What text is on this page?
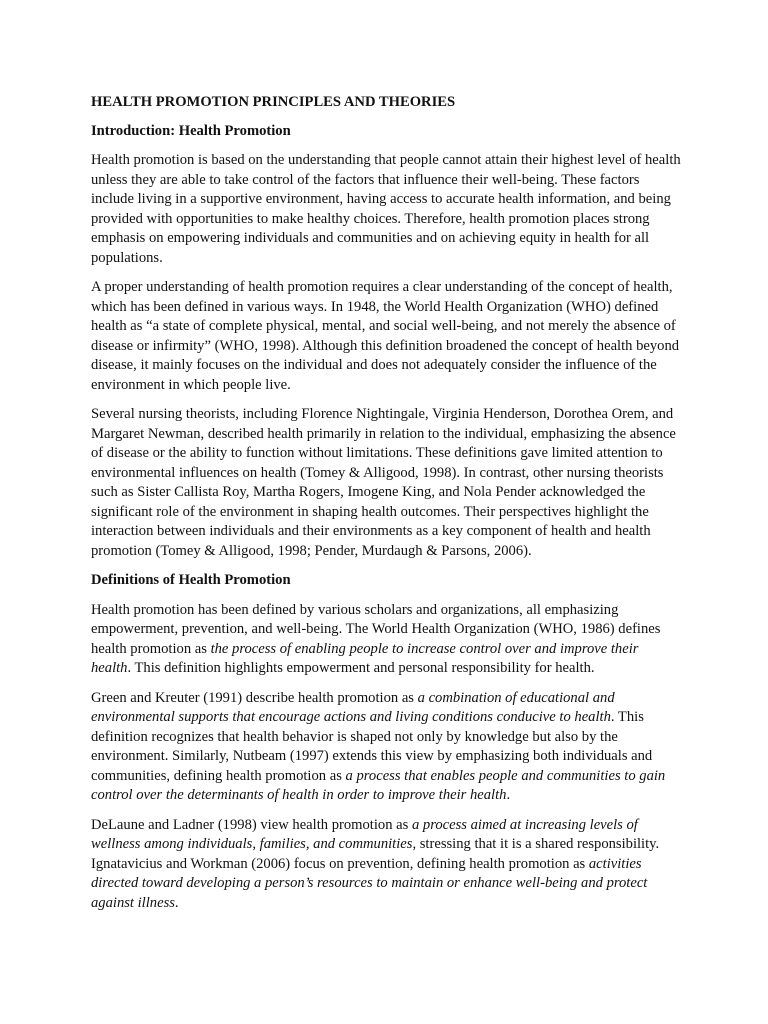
HEALTH PROMOTION PRINCIPLES AND THEORIES

Introduction: Health Promotion

Health promotion is based on the understanding that people cannot attain their highest level of health unless they are able to take control of the factors that influence their well-being. These factors include living in a supportive environment, having access to accurate health information, and being provided with opportunities to make healthy choices. Therefore, health promotion places strong emphasis on empowering individuals and communities and on achieving equity in health for all populations.

A proper understanding of health promotion requires a clear understanding of the concept of health, which has been defined in various ways. In 1948, the World Health Organization (WHO) defined health as “a state of complete physical, mental, and social well-being, and not merely the absence of disease or infirmity” (WHO, 1998). Although this definition broadened the concept of health beyond disease, it mainly focuses on the individual and does not adequately consider the influence of the environment in which people live.

Several nursing theorists, including Florence Nightingale, Virginia Henderson, Dorothea Orem, and Margaret Newman, described health primarily in relation to the individual, emphasizing the absence of disease or the ability to function without limitations. These definitions gave limited attention to environmental influences on health (Tomey & Alligood, 1998). In contrast, other nursing theorists such as Sister Callista Roy, Martha Rogers, Imogene King, and Nola Pender acknowledged the significant role of the environment in shaping health outcomes. Their perspectives highlight the interaction between individuals and their environments as a key component of health and health promotion (Tomey & Alligood, 1998; Pender, Murdaugh & Parsons, 2006).

Definitions of Health Promotion

Health promotion has been defined by various scholars and organizations, all emphasizing empowerment, prevention, and well-being. The World Health Organization (WHO, 1986) defines health promotion as the process of enabling people to increase control over and improve their health. This definition highlights empowerment and personal responsibility for health.

Green and Kreuter (1991) describe health promotion as a combination of educational and environmental supports that encourage actions and living conditions conducive to health. This definition recognizes that health behavior is shaped not only by knowledge but also by the environment. Similarly, Nutbeam (1997) extends this view by emphasizing both individuals and communities, defining health promotion as a process that enables people and communities to gain control over the determinants of health in order to improve their health.

DeLaune and Ladner (1998) view health promotion as a process aimed at increasing levels of wellness among individuals, families, and communities, stressing that it is a shared responsibility. Ignatavicius and Workman (2006) focus on prevention, defining health promotion as activities directed toward developing a person’s resources to maintain or enhance well-being and protect against illness.
